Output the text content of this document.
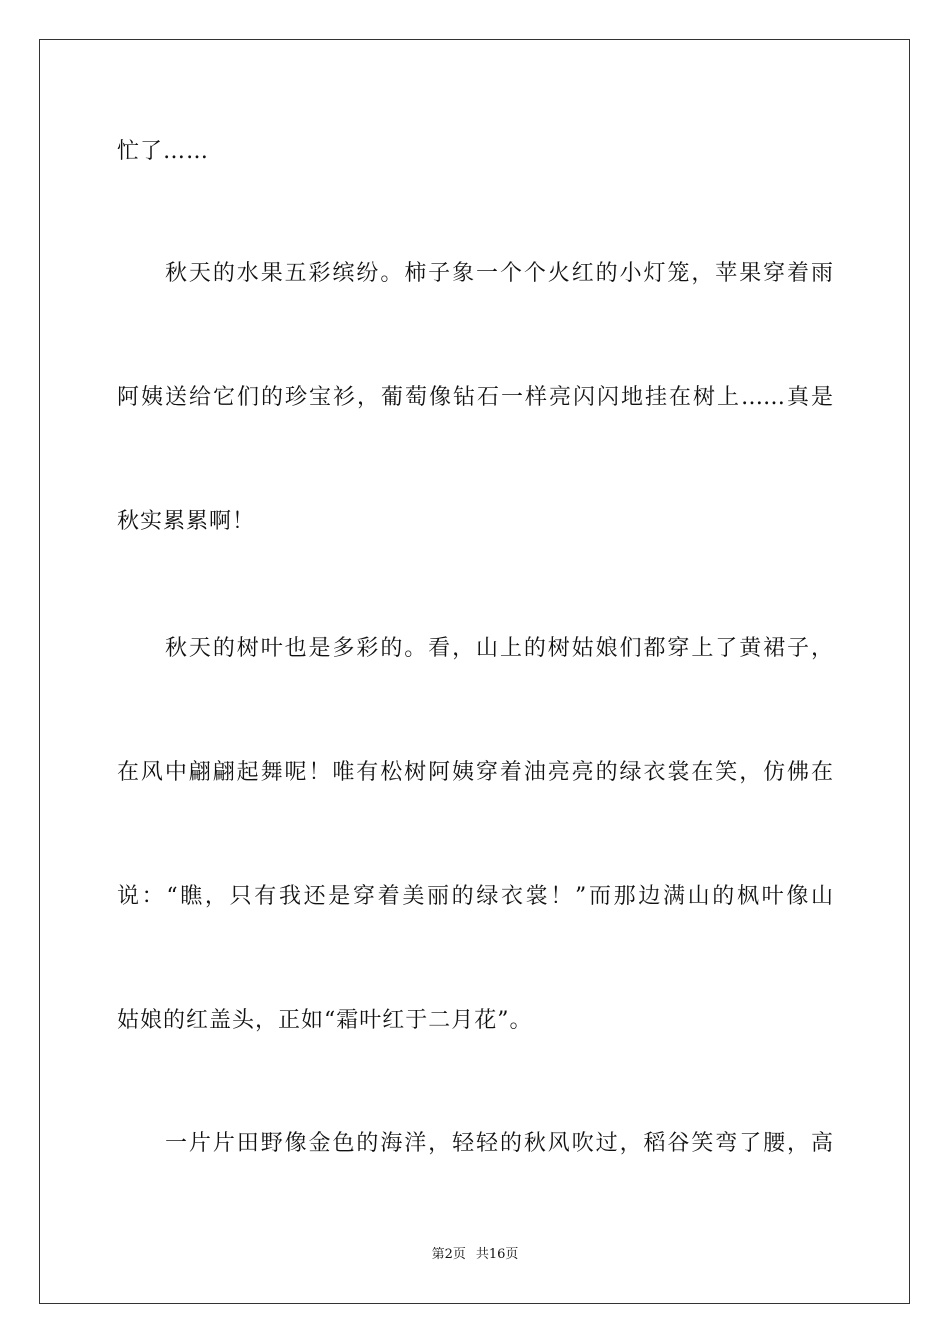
忙了……
秋天的水果五彩缤纷。柿子象一个个火红的小灯笼，苹果穿着雨
阿姨送给它们的珍宝衫，葡萄像钻石一样亮闪闪地挂在树上……真是
秋实累累啊！
秋天的树叶也是多彩的。看，山上的树姑娘们都穿上了黄裙子，
在风中翩翩起舞呢！唯有松树阿姨穿着油亮亮的绿衣裳在笑，仿佛在
说：“瞧，只有我还是穿着美丽的绿衣裳！”而那边满山的枫叶像山
姑娘的红盖头，正如“霜叶红于二月花”。
一片片田野像金色的海洋，轻轻的秋风吹过，稻谷笑弯了腰，高
第2页 共16页
